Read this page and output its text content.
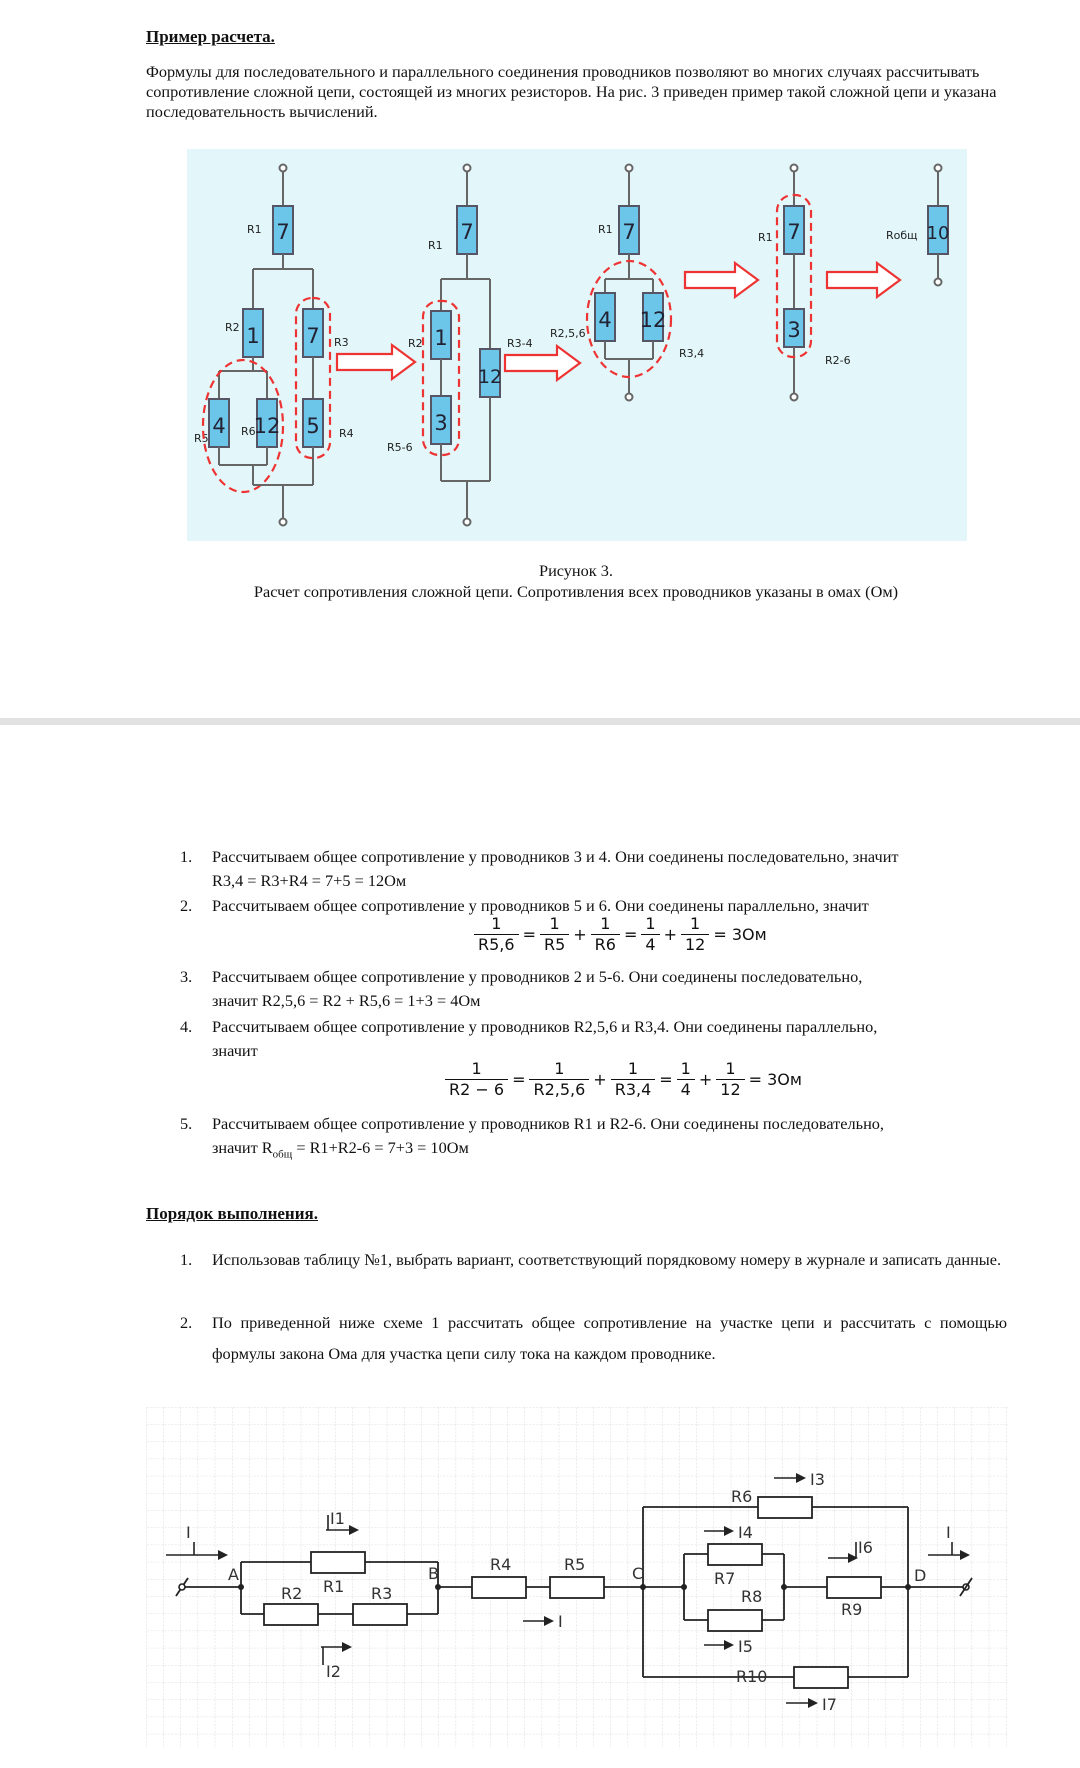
Пример расчета.
Формулы для последовательного и параллельного соединения проводников позволяют во многих случаях рассчитывать сопротивление сложной цепи, состоящей из многих резисторов. На рис. 3 приведен пример такой сложной цепи и указана последовательность вычислений.
7
R1
1
R2
4
R5
12
R6
7 R3
5 R4
7
R1
1
R2
3
R5-6
12
R3-4
7
R1
4
R2,5,6
12
R3,4
7
R1
3
R2-6
10
Rобщ
Рисунок 3.
Расчет сопротивления сложной цепи. Сопротивления всех проводников указаны в омах (Ом)
1. Рассчитываем общее сопротивление у проводников 3 и 4. Они соединены последовательно, значит
R3,4 = R3+R4 = 7+5 = 12Ом
2. Рассчитываем общее сопротивление у проводников 5 и 6. Они соединены параллельно, значит
$\frac{1}{R5,6} = \frac{1}{R5} + \frac{1}{R6} = \frac{1}{4} + \frac{1}{12} = 3Ом$
3. Рассчитываем общее сопротивление у проводников 2 и 5-6. Они соединены последовательно,
значит R2,5,6 = R2 + R5,6 = 1+3 = 4Ом
4. Рассчитываем общее сопротивление у проводников R2,5,6 и R3,4. Они соединены параллельно,
значит
$\frac{1}{R2 - 6} = \frac{1}{R2,5,6} + \frac{1}{R3,4} = \frac{1}{4} + \frac{1}{12} = 3Ом$
5. Рассчитываем общее сопротивление у проводников R1 и R2-6. Они соединены последовательно,
значит $R_{общ} = R1+R2-6 = 7+3 = 10Ом$
Порядок выполнения.
1. Использовав таблицу №1, выбрать вариант, соответствующий порядковому номеру в журнале и записать данные.
2. По приведенной ниже схеме 1 рассчитать общее сопротивление на участке цепи и рассчитать с помощью формулы закона Ома для участка цепи силу тока на каждом проводнике.
I
A
R1
I1
R2	R3
I2
B	R4	R5
I
C
R6
I3
R7
R8
I4
I5
R9
I6
R10
I7
D
I
